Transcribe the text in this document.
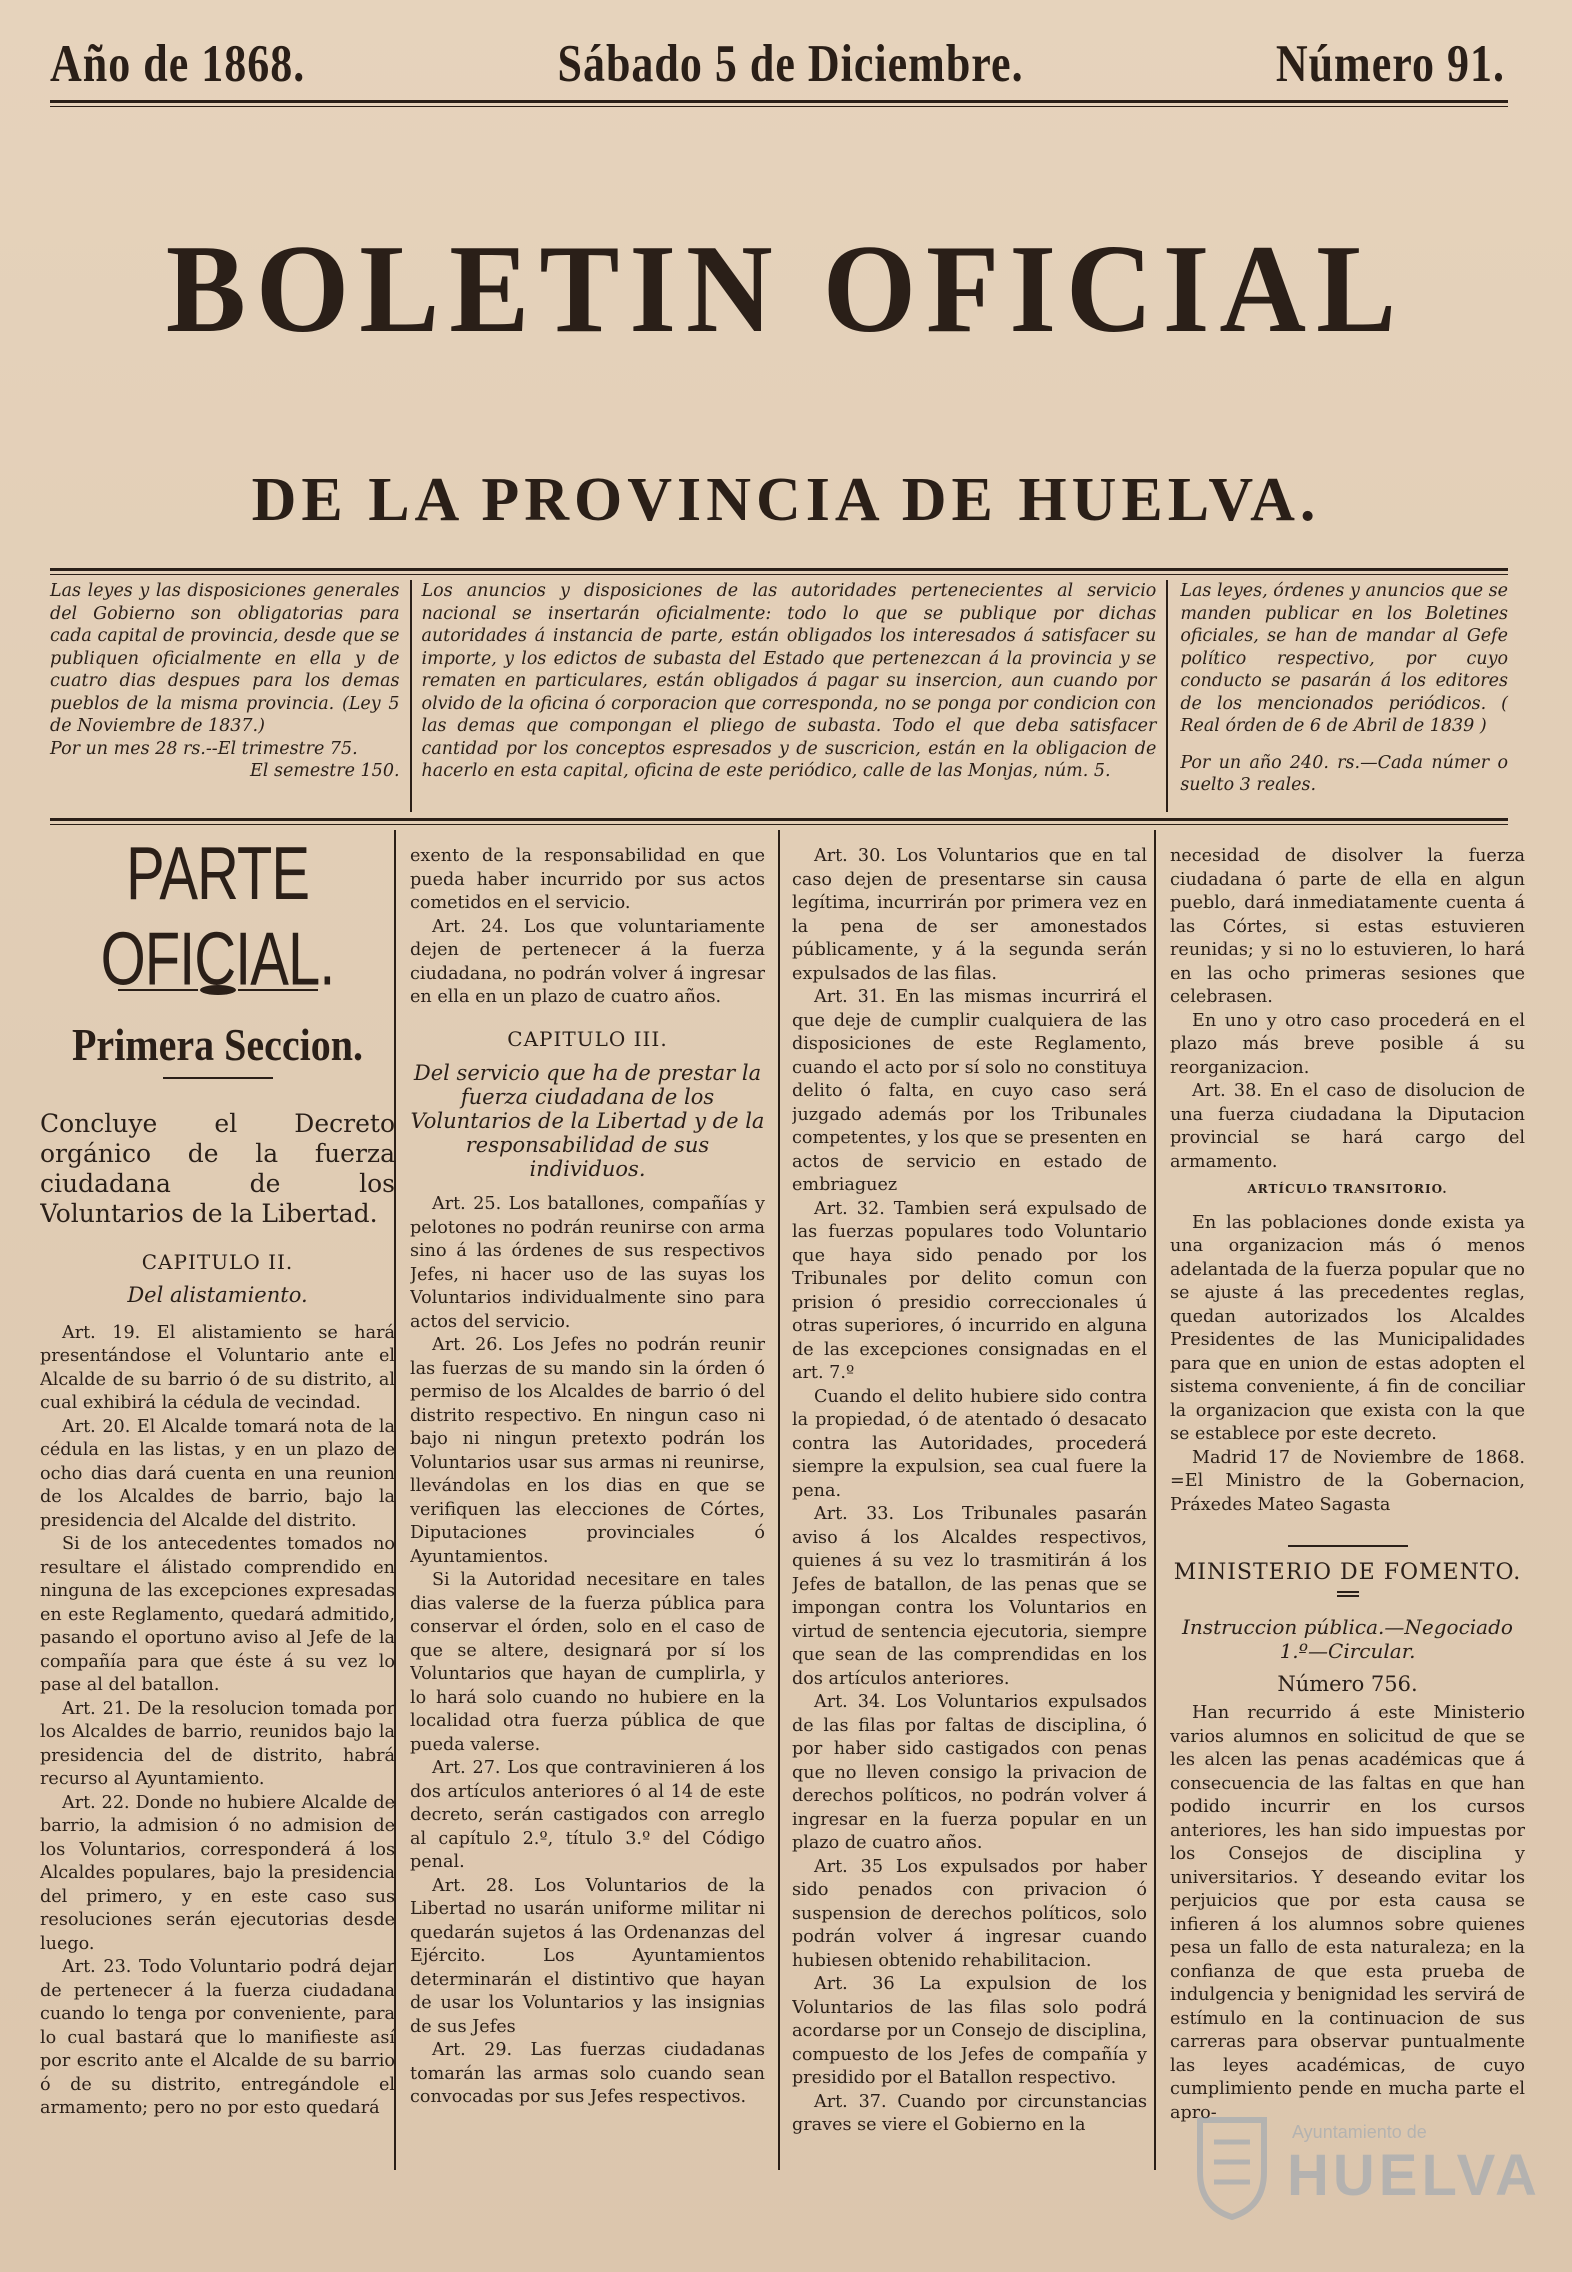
Año de 1868.	Sábado 5 de Diciembre.	Número 91.
BOLETIN OFICIAL
DE LA PROVINCIA DE HUELVA.
Las leyes y las disposiciones generales del Gobierno son obligatorias para cada capital de provincia, desde que se publiquen oficialmente en ella y de cuatro dias despues para los demas pueblos de la misma provincia. (Ley 5 de Noviembre de 1837.)
Por un mes 28 rs.--El trimestre 75.

El semestre 150.
Los anuncios y disposiciones de las autoridades pertenecientes al servicio nacional se insertarán oficialmente: todo lo que se publique por dichas autoridades á instancia de parte, están obligados los interesados á satisfacer su importe, y los edictos de subasta del Estado que pertenezcan á la provincia y se rematen en particulares, están obligados á pagar su insercion, aun cuando por olvido de la oficina ó corporacion que corresponda, no se ponga por condicion con las demas que compongan el pliego de subasta. Todo el que deba satisfacer cantidad por los conceptos espresados y de suscricion, están en la obligacion de hacerlo en esta capital, oficina de este periódico, calle de las Monjas, núm. 5.
Las leyes, órdenes y anuncios que se manden publicar en los Boletines oficiales, se han de mandar al Gefe político respectivo, por cuyo conducto se pasarán á los editores de los mencionados periódicos. ( Real órden de 6 de Abril de 1839 )
Por un año 240. rs.—Cada númer o suelto 3 reales.
PARTE OFICIAL.
Primera Seccion.
Concluye el Decreto orgánico de la fuerza ciudadana de los Voluntarios de la Libertad.
CAPITULO II.
Del alistamiento.

Art. 19. El alistamiento se hará presentándose el Voluntario ante el Alcalde de su barrio ó de su distrito, al cual exhibirá la cédula de vecindad.

Art. 20. El Alcalde tomará nota de la cédula en las listas, y en un plazo de ocho dias dará cuenta en una reunion de los Alcaldes de barrio, bajo la presidencia del Alcalde del distrito.

Si de los antecedentes tomados no resultare el álistado comprendido en ninguna de las excepciones expresadas en este Reglamento, quedará admitido, pasando el oportuno aviso al Jefe de la compañía para que éste á su vez lo pase al del batallon.

Art. 21. De la resolucion tomada por los Alcaldes de barrio, reunidos bajo la presidencia del de distrito, habrá recurso al Ayuntamiento.

Art. 22. Donde no hubiere Alcalde de barrio, la admision ó no admision de los Voluntarios, corresponderá á los Alcaldes populares, bajo la presidencia del primero, y en este caso sus resoluciones serán ejecutorias desde luego.

Art. 23. Todo Voluntario podrá dejar de pertenecer á la fuerza ciudadana cuando lo tenga por conveniente, para lo cual bastará que lo manifieste así por escrito ante el Alcalde de su barrio ó de su distrito, entregándole el armamento; pero no por esto quedará

exento de la responsabilidad en que pueda haber incurrido por sus actos cometidos en el servicio.

Art. 24. Los que voluntariamente dejen de pertenecer á la fuerza ciudadana, no podrán volver á ingresar en ella en un plazo de cuatro años.

CAPITULO III.
Del servicio que ha de prestar la fuerza ciudadana de los Voluntarios de la Libertad y de la responsabilidad de sus individuos.

Art. 25. Los batallones, compañías y pelotones no podrán reunirse con arma sino á las órdenes de sus respectivos Jefes, ni hacer uso de las suyas los Voluntarios individualmente sino para actos del servicio.

Art. 26. Los Jefes no podrán reunir las fuerzas de su mando sin la órden ó permiso de los Alcaldes de barrio ó del distrito respectivo. En ningun caso ni bajo ni ningun pretexto podrán los Voluntarios usar sus armas ni reunirse, llevándolas en los dias en que se verifiquen las elecciones de Córtes, Diputaciones provinciales ó Ayuntamientos.

Si la Autoridad necesitare en tales dias valerse de la fuerza pública para conservar el órden, solo en el caso de que se altere, designará por sí los Voluntarios que hayan de cumplirla, y lo hará solo cuando no hubiere en la localidad otra fuerza pública de que pueda valerse.

Art. 27. Los que contravinieren á los dos artículos anteriores ó al 14 de este decreto, serán castigados con arreglo al capítulo 2.º, título 3.º del Código penal.

Art. 28. Los Voluntarios de la Libertad no usarán uniforme militar ni quedarán sujetos á las Ordenanzas del Ejército. Los Ayuntamientos determinarán el distintivo que hayan de usar los Voluntarios y las insignias de sus Jefes

Art. 29. Las fuerzas ciudadanas tomarán las armas solo cuando sean convocadas por sus Jefes respectivos.

Art. 30. Los Voluntarios que en tal caso dejen de presentarse sin causa legítima, incurrirán por primera vez en la pena de ser amonestados públicamente, y á la segunda serán expulsados de las filas.

Art. 31. En las mismas incurrirá el que deje de cumplir cualquiera de las disposiciones de este Reglamento, cuando el acto por sí solo no constituya delito ó falta, en cuyo caso será juzgado además por los Tribunales competentes, y los que se presenten en actos de servicio en estado de embriaguez

Art. 32. Tambien será expulsado de las fuerzas populares todo Voluntario que haya sido penado por los Tribunales por delito comun con prision ó presidio correccionales ú otras superiores, ó incurrido en alguna de las excepciones consignadas en el art. 7.º

Cuando el delito hubiere sido contra la propiedad, ó de atentado ó desacato contra las Autoridades, procederá siempre la expulsion, sea cual fuere la pena.

Art. 33. Los Tribunales pasarán aviso á los Alcaldes respectivos, quienes á su vez lo trasmitirán á los Jefes de batallon, de las penas que se impongan contra los Voluntarios en virtud de sentencia ejecutoria, siempre que sean de las comprendidas en los dos artículos anteriores.

Art. 34. Los Voluntarios expulsados de las filas por faltas de disciplina, ó por haber sido castigados con penas que no lleven consigo la privacion de derechos políticos, no podrán volver á ingresar en la fuerza popular en un plazo de cuatro años.

Art. 35 Los expulsados por haber sido penados con privacion ó suspension de derechos políticos, solo podrán volver á ingresar cuando hubiesen obtenido rehabilitacion.

Art. 36 La expulsion de los Voluntarios de las filas solo podrá acordarse por un Consejo de disciplina, compuesto de los Jefes de compañía y presidido por el Batallon respectivo.

Art. 37. Cuando por circunstancias graves se viere el Gobierno en la

necesidad de disolver la fuerza ciudadana ó parte de ella en algun pueblo, dará inmediatamente cuenta á las Córtes, si estas estuvieren reunidas; y si no lo estuvieren, lo hará en las ocho primeras sesiones que celebrasen.

En uno y otro caso procederá en el plazo más breve posible á su reorganizacion.

Art. 38. En el caso de disolucion de una fuerza ciudadana la Diputacion provincial se hará cargo del armamento.

ARTÍCULO TRANSITORIO.

En las poblaciones donde exista ya una organizacion más ó menos adelantada de la fuerza popular que no se ajuste á las precedentes reglas, quedan autorizados los Alcaldes Presidentes de las Municipalidades para que en union de estas adopten el sistema conveniente, á fin de conciliar la organizacion que exista con la que se establece por este decreto.

Madrid 17 de Noviembre de 1868. =El Ministro de la Gobernacion, Práxedes Mateo Sagasta

MINISTERIO DE FOMENTO.
Instruccion pública.—Negociado 1.º—Circular.
Número 756.

Han recurrido á este Ministerio varios alumnos en solicitud de que se les alcen las penas académicas que á consecuencia de las faltas en que han podido incurrir en los cursos anteriores, les han sido impuestas por los Consejos de disciplina y universitarios. Y deseando evitar los perjuicios que por esta causa se infieren á los alumnos sobre quienes pesa un fallo de esta naturaleza; en la confianza de que esta prueba de indulgencia y benignidad les servirá de estímulo en la continuacion de sus carreras para observar puntualmente las leyes académicas, de cuyo cumplimiento pende en mucha parte el apro-

Ayuntamiento de
HUELVA
